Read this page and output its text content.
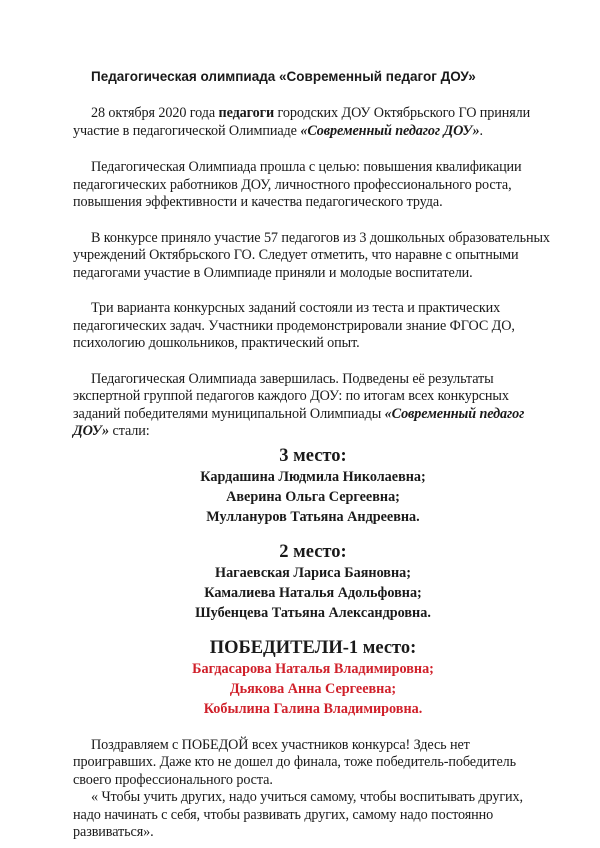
Педагогическая олимпиада «Современный педагог ДОУ»

28 октября 2020 года педагоги городских ДОУ Октябрьского ГО приняли участие в педагогической Олимпиаде «Современный педагог ДОУ».

Педагогическая Олимпиада прошла с целью: повышения квалификации педагогических работников ДОУ, личностного профессионального роста, повышения эффективности и качества педагогического труда.

В конкурсе приняло участие 57 педагогов из 3 дошкольных образовательных учреждений Октябрьского ГО. Следует отметить, что наравне с опытными педагогами участие в Олимпиаде приняли и молодые воспитатели.

Три варианта конкурсных заданий состояли из теста и практических педагогических задач. Участники продемонстрировали знание ФГОС ДО, психологию дошкольников, практический опыт.

Педагогическая Олимпиада завершилась. Подведены её результаты экспертной группой педагогов каждого ДОУ: по итогам всех конкурсных заданий победителями муниципальной Олимпиады «Современный педагог ДОУ» стали:

3 место:
Кардашина Людмила Николаевна;
Аверина Ольга Сергеевна;
Муллануров Татьяна Андреевна.
2 место:
Нагаевская Лариса Баяновна;
Камалиева Наталья Адольфовна;
Шубенцева Татьяна Александровна.
ПОБЕДИТЕЛИ-1 место:
Багдасарова Наталья Владимировна;
Дьякова Анна Сергеевна;
Кобылина Галина Владимировна.

Поздравляем с ПОБЕДОЙ всех участников конкурса! Здесь нет проигравших. Даже кто не дошел до финала, тоже победитель-победитель своего профессионального роста.

« Чтобы учить других, надо учиться самому, чтобы воспитывать других, надо начинать с себя, чтобы развивать других, самому надо постоянно развиваться».
